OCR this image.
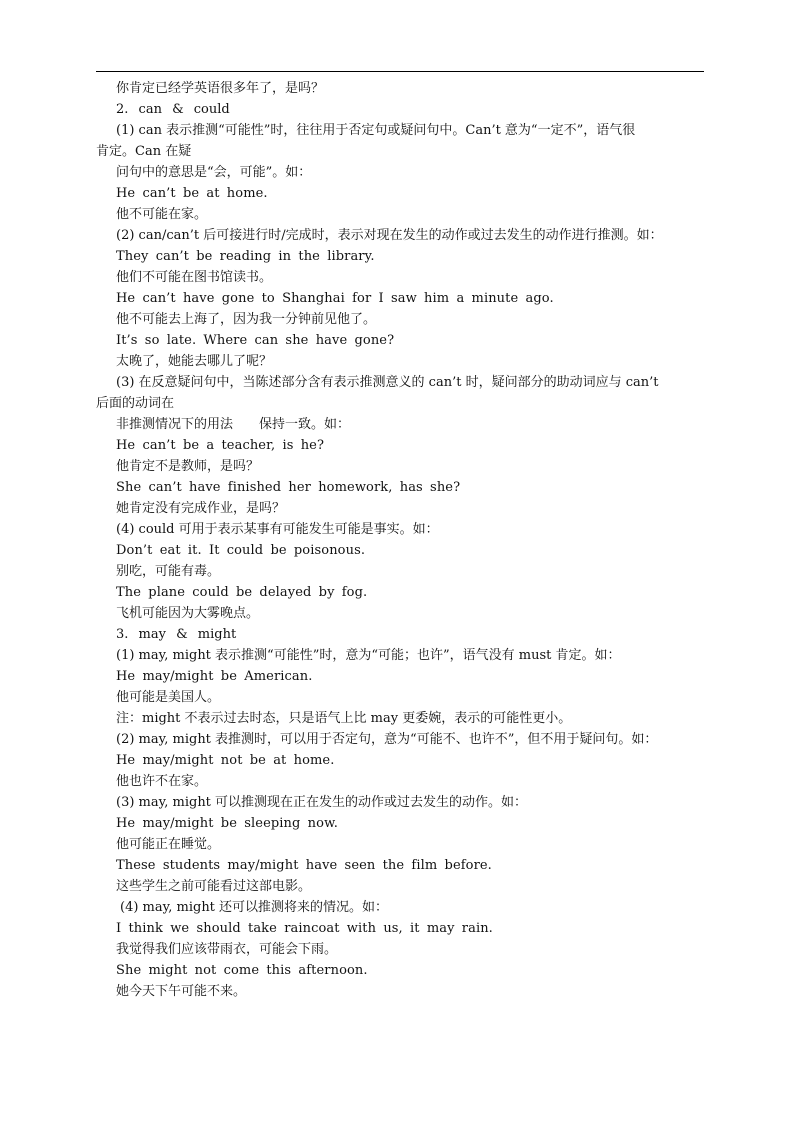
你肯定已经学英语很多年了，是吗？
2. can & could
(1) can 表示推测“可能性”时，往往用于否定句或疑问句中。Can’t 意为“一定不”，语气很
肯定。Can 在疑
问句中的意思是“会，可能”。如：
He can’t be at home.
他不可能在家。
(2) can/can’t 后可接进行时/完成时，表示对现在发生的动作或过去发生的动作进行推测。如：
They can’t be reading in the library.
他们不可能在图书馆读书。
He can’t have gone to Shanghai for I saw him a minute ago.
他不可能去上海了，因为我一分钟前见他了。
It’s so late. Where can she have gone?
太晚了，她能去哪儿了呢？
(3) 在反意疑问句中，当陈述部分含有表示推测意义的 can’t 时，疑问部分的助动词应与 can’t
后面的动词在
非推测情况下的用法　　保持一致。如：
He can’t be a teacher, is he?
他肯定不是教师，是吗？
She can’t have finished her homework, has she?
她肯定没有完成作业，是吗？
(4) could 可用于表示某事有可能发生可能是事实。如：
Don’t eat it. It could be poisonous.
别吃，可能有毒。
The plane could be delayed by fog.
飞机可能因为大雾晚点。
3. may & might
(1) may, might 表示推测“可能性”时，意为“可能；也许”，语气没有 must 肯定。如：
He may/might be American.
他可能是美国人。
注：might 不表示过去时态，只是语气上比 may 更委婉，表示的可能性更小。
(2) may, might 表推测时，可以用于否定句，意为“可能不、也许不”，但不用于疑问句。如：
He may/might not be at home.
他也许不在家。
(3) may, might 可以推测现在正在发生的动作或过去发生的动作。如：
He may/might be sleeping now.
他可能正在睡觉。
These students may/might have seen the film before.
这些学生之前可能看过这部电影。
(4) may, might 还可以推测将来的情况。如：
I think we should take raincoat with us, it may rain.
我觉得我们应该带雨衣，可能会下雨。
She might not come this afternoon.
她今天下午可能不来。
